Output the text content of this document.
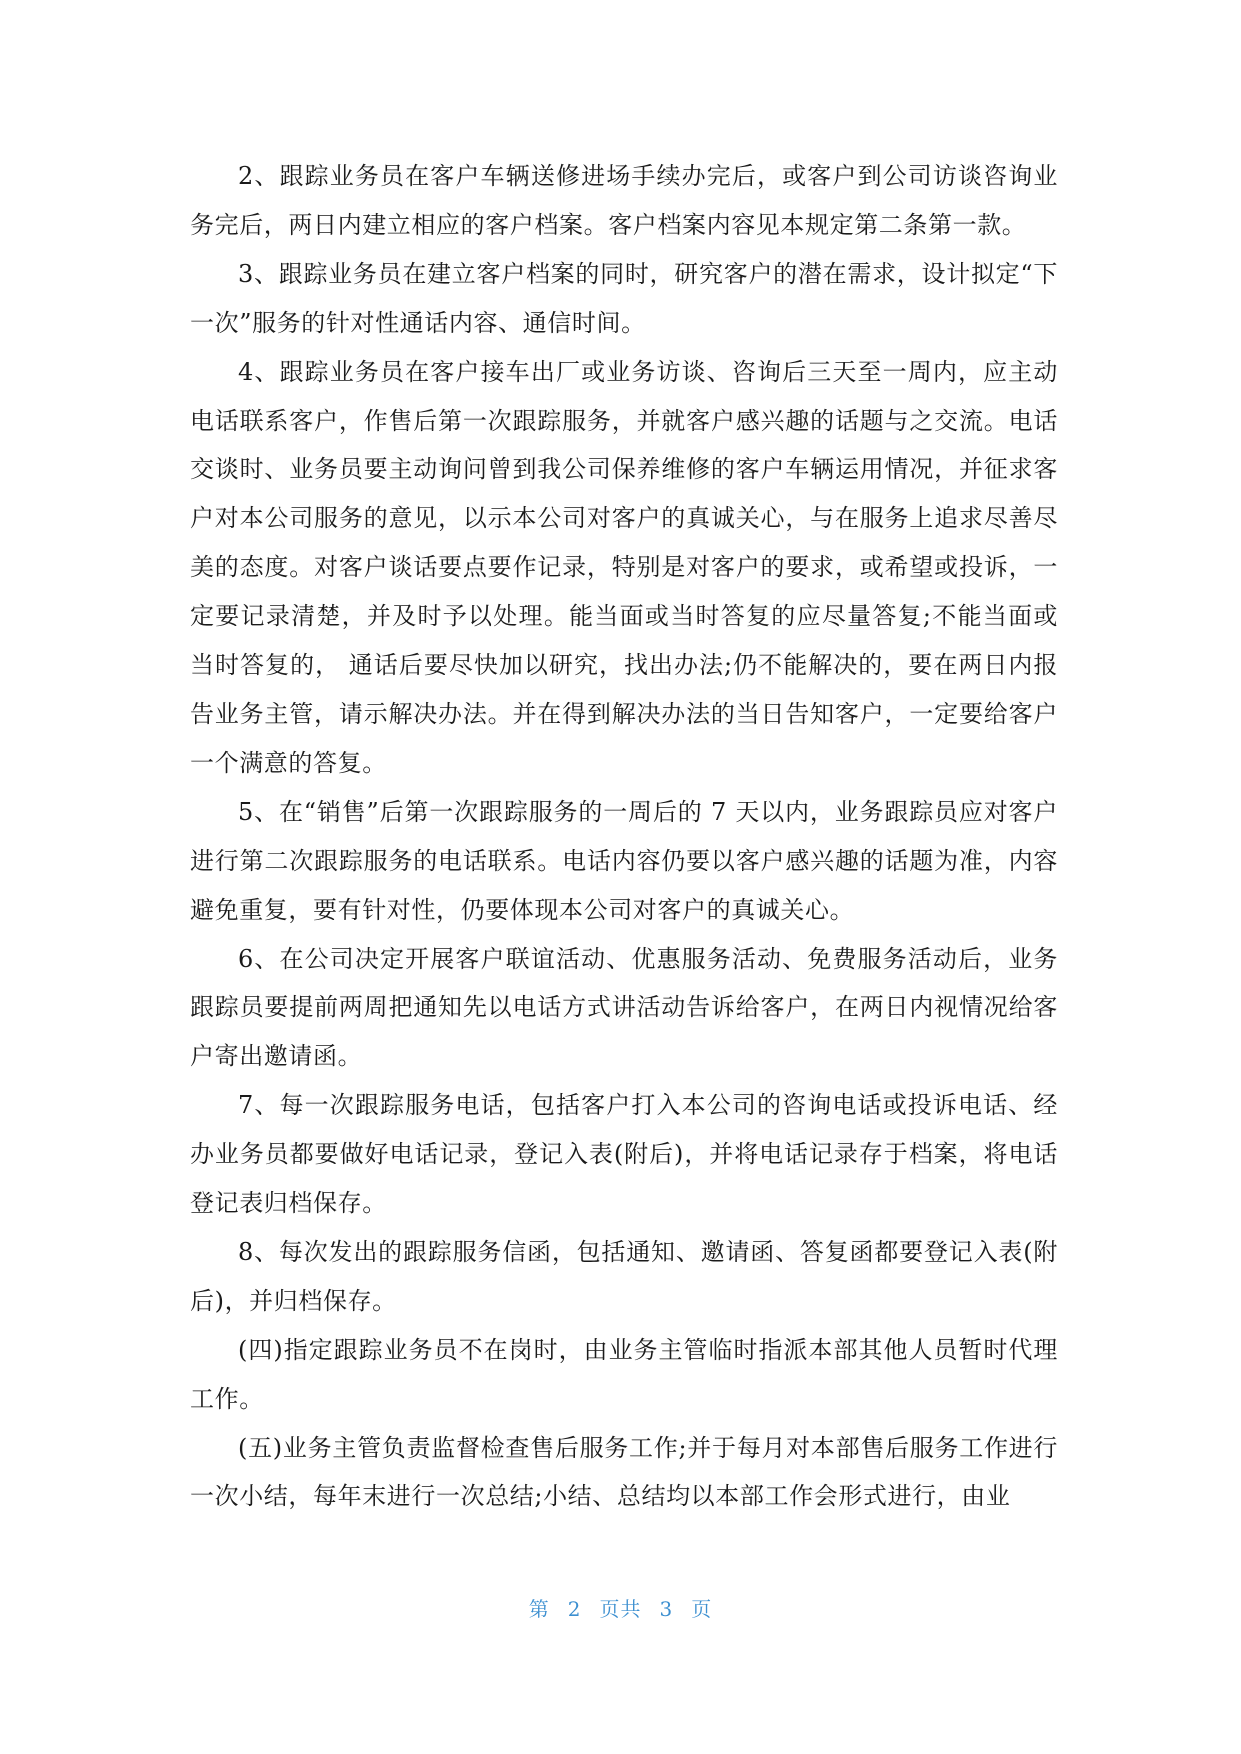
2、跟踪业务员在客户车辆送修进场手续办完后，或客户到公司访谈咨询业务完后，两日内建立相应的客户档案。客户档案内容见本规定第二条第一款。

3、跟踪业务员在建立客户档案的同时，研究客户的潜在需求，设计拟定“下一次”服务的针对性通话内容、通信时间。

4、跟踪业务员在客户接车出厂或业务访谈、咨询后三天至一周内，应主动电话联系客户，作售后第一次跟踪服务，并就客户感兴趣的话题与之交流。电话交谈时、业务员要主动询问曾到我公司保养维修的客户车辆运用情况，并征求客户对本公司服务的意见，以示本公司对客户的真诚关心，与在服务上追求尽善尽美的态度。对客户谈话要点要作记录，特别是对客户的要求，或希望或投诉，一定要记录清楚，并及时予以处理。能当面或当时答复的应尽量答复;不能当面或当时答复的， 通话后要尽快加以研究，找出办法;仍不能解决的，要在两日内报告业务主管，请示解决办法。并在得到解决办法的当日告知客户，一定要给客户一个满意的答复。

5、在“销售”后第一次跟踪服务的一周后的 7 天以内，业务跟踪员应对客户进行第二次跟踪服务的电话联系。电话内容仍要以客户感兴趣的话题为准，内容避免重复，要有针对性，仍要体现本公司对客户的真诚关心。

6、在公司决定开展客户联谊活动、优惠服务活动、免费服务活动后，业务跟踪员要提前两周把通知先以电话方式讲活动告诉给客户，在两日内视情况给客户寄出邀请函。

7、每一次跟踪服务电话，包括客户打入本公司的咨询电话或投诉电话、经办业务员都要做好电话记录，登记入表(附后)，并将电话记录存于档案，将电话登记表归档保存。

8、每次发出的跟踪服务信函，包括通知、邀请函、答复函都要登记入表(附后)，并归档保存。

(四)指定跟踪业务员不在岗时，由业务主管临时指派本部其他人员暂时代理工作。

(五)业务主管负责监督检查售后服务工作;并于每月对本部售后服务工作进行一次小结，每年末进行一次总结;小结、总结均以本部工作会形式进行，由业

第 2 页共 3 页
